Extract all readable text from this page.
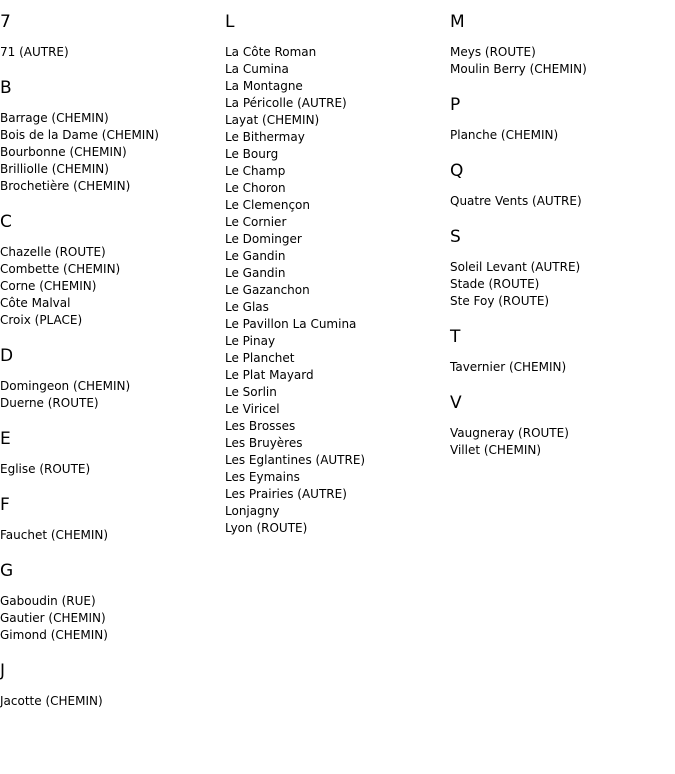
7
71 (AUTRE)
B
Barrage (CHEMIN)
Bois de la Dame (CHEMIN)
Bourbonne (CHEMIN)
Brilliolle (CHEMIN)
Brochetière (CHEMIN)
C
Chazelle (ROUTE)
Combette (CHEMIN)
Corne (CHEMIN)
Côte Malval
Croix (PLACE)
D
Domingeon (CHEMIN)
Duerne (ROUTE)
E
Eglise (ROUTE)
F
Fauchet (CHEMIN)
G
Gaboudin (RUE)
Gautier (CHEMIN)
Gimond (CHEMIN)
J
Jacotte (CHEMIN)
L
La Côte Roman
La Cumina
La Montagne
La Péricolle (AUTRE)
Layat (CHEMIN)
Le Bithermay
Le Bourg
Le Champ
Le Choron
Le Clemençon
Le Cornier
Le Dominger
Le Gandin
Le Gandin
Le Gazanchon
Le Glas
Le Pavillon La Cumina
Le Pinay
Le Planchet
Le Plat Mayard
Le Sorlin
Le Viricel
Les Brosses
Les Bruyères
Les Eglantines (AUTRE)
Les Eymains
Les Prairies (AUTRE)
Lonjagny
Lyon (ROUTE)
M
Meys (ROUTE)
Moulin Berry (CHEMIN)
P
Planche (CHEMIN)
Q
Quatre Vents (AUTRE)
S
Soleil Levant (AUTRE)
Stade (ROUTE)
Ste Foy (ROUTE)
T
Tavernier (CHEMIN)
V
Vaugneray (ROUTE)
Villet (CHEMIN)
